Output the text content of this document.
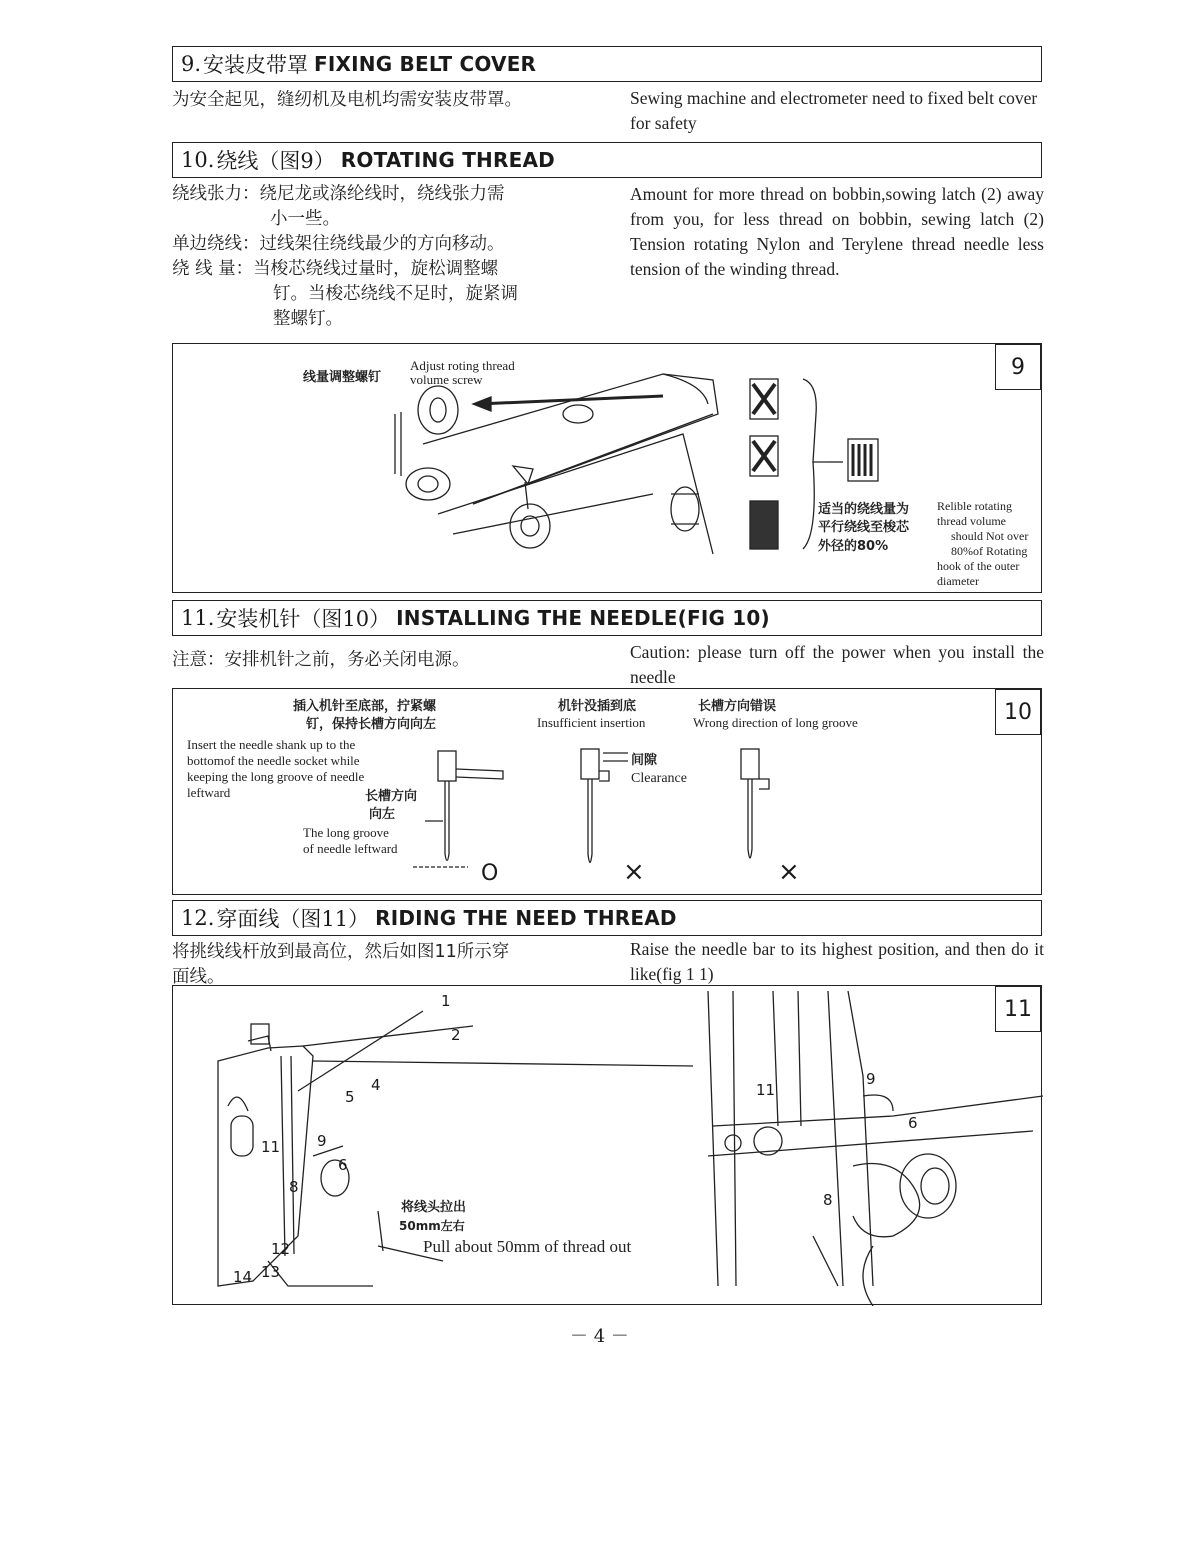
9. 安装皮带罩 FIXING BELT COVER
为安全起见，缝纫机及电机均需安装皮带罩。	Sewing machine and electrometer need to fixed belt cover for safety
10. 绕线（图9） ROTATING THREAD
绕线张力：绕尼龙或涤纶线时，绕线张力需
小一些。
单边绕线：过线架往绕线最少的方向移动。
绕 线 量：当梭芯绕线过量时，旋松调整螺
钉。当梭芯绕线不足时，旋紧调
整螺钉。
Amount for more thread on bobbin,sowing latch (2) away from you, for less thread on bobbin, sewing latch (2) Tension rotating Nylon and Terylene thread needle less tension of the winding thread.
9
Adjust roting thread
线量调整螺钉 volume screw
适当的绕线量为
平行绕线至梭芯
外径的80%
Relible rotating
thread volume
should Not over
80%of Rotating
hook of the outer
diameter
11. 安装机针（图10） INSTALLING THE NEEDLE(FIG 10)
注意：安排机针之前，务必关闭电源。	Caution: please turn off the power when you install the needle
10
插入机针至底部，拧紧螺
钉，保持长槽方向向左
Insert the needle shank up to the
bottomof the needle socket while
keeping the long groove of needle
leftward	长槽方向
向左
The long groove
of needle leftward
O
机针没插到底
Insufficient insertion
间隙
Clearance
×
长槽方向错误
Wrong direction of long groove
×
12. 穿面线（图11） RIDING THE NEED THREAD
将挑线线杆放到最高位，然后如图11所示穿
面线。
Raise the needle bar to its highest position, and then do it like(fig 1 1)
11
1
2
4
5
6
8
9
11
12
13
14
将线头拉出
50mm左右
Pull about 50mm of thread out
9
6
8
11
－ 4 －
